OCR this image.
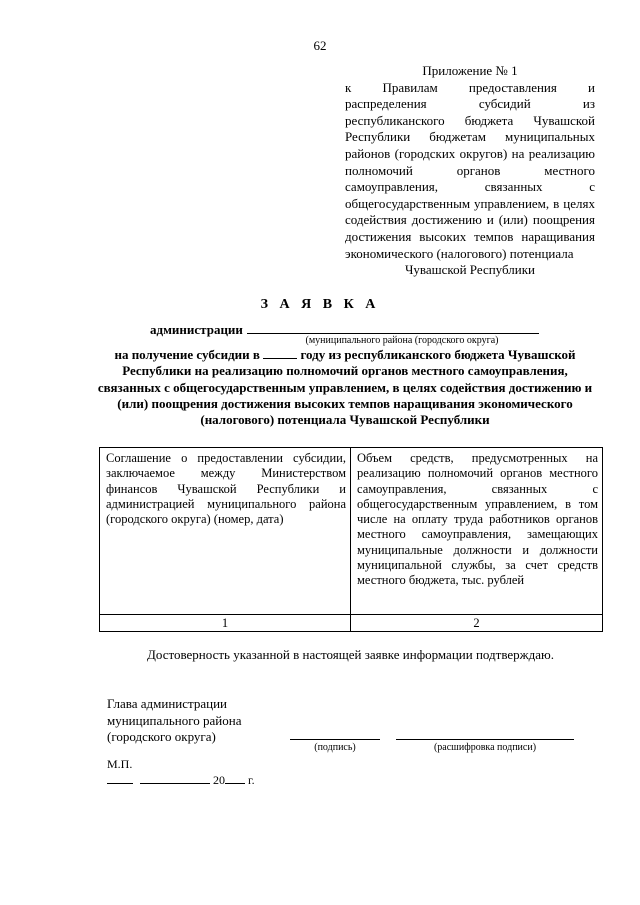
62
Приложение № 1
к Правилам предоставления и распределения субсидий из республиканского бюджета Чувашской Республики бюджетам муниципальных районов (городских округов) на реализацию полномочий органов местного самоуправления, связанных с общегосударственным управлением, в целях содействия достижению и (или) поощрения достижения высоких темпов наращивания экономического (налогового) потенциала
Чувашской Республики
З А Я В К А
администрации
(муниципального района (городского округа)
на получение субсидии в	году из республиканского бюджета Чувашской Республики на реализацию полномочий органов местного самоуправления, связанных с общегосударственным управлением, в целях содействия достижению и (или) поощрения достижения высоких темпов наращивания экономического (налогового) потенциала Чувашской Республики
Соглашение о предоставлении субсидии, заключаемое между Министерством финансов Чувашской Республики и администрацией муниципального района (городского округа) (номер, дата)	Объем средств, предусмотренных на реализацию полномочий органов местного самоуправления, связанных с общегосударственным управлением, в том числе на оплату труда работников органов местного самоуправления, замещающих муниципальные должности и должности муниципальной службы, за счет средств местного бюджета, тыс. рублей
1	2
Достоверность указанной в настоящей заявке информации подтверждаю.
Глава администрации
муниципального района
(городского округа)
(подпись)	(расшифровка подписи)
М.П.
20 г.
